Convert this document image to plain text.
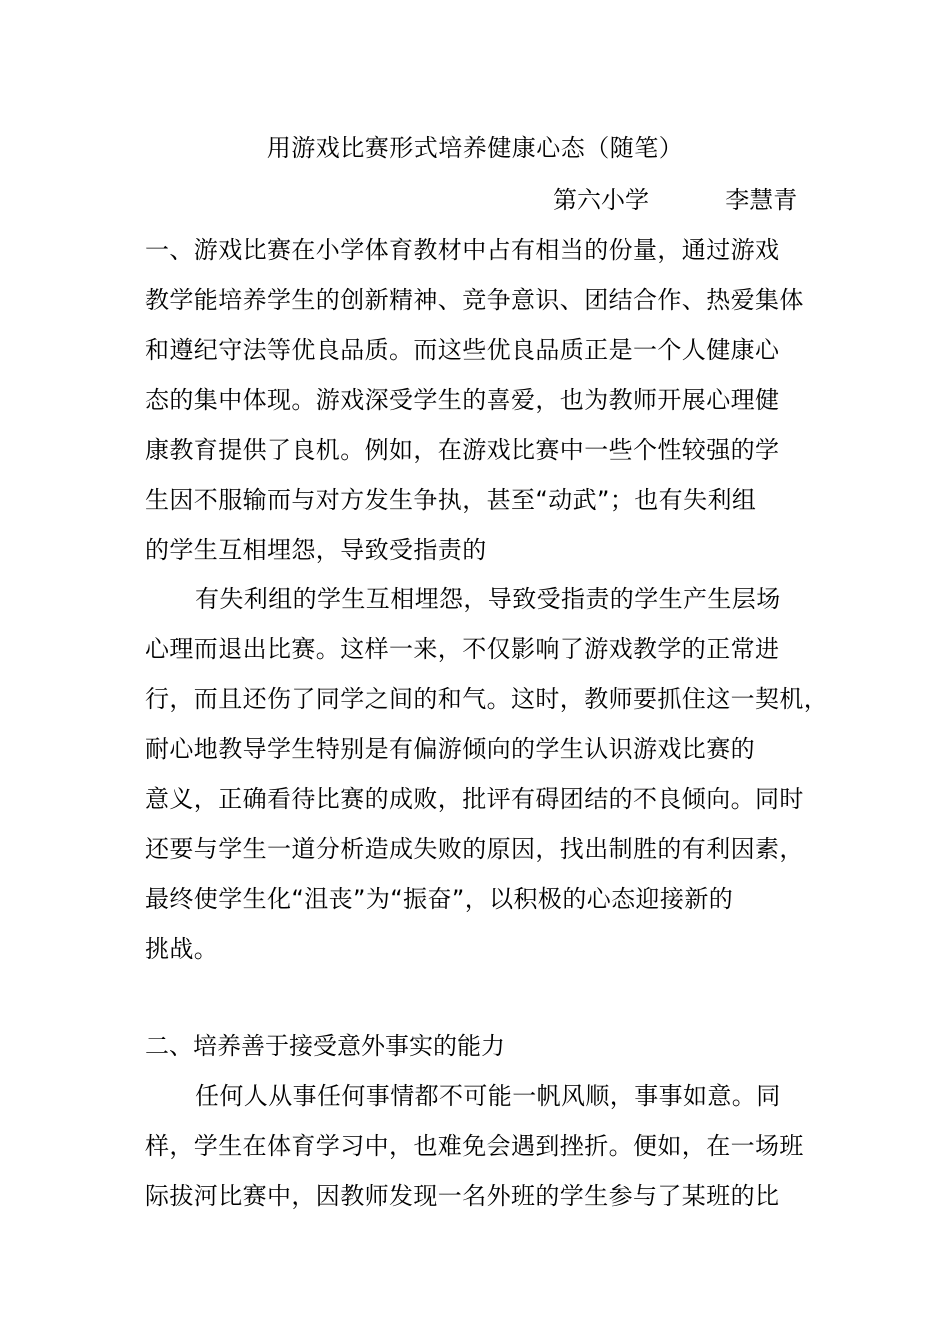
用游戏比赛形式培养健康心态（随笔）
第六小学          李慧青
一、游戏比赛在小学体育教材中占有相当的份量，通过游戏
教学能培养学生的创新精神、竞争意识、团结合作、热爱集体
和遵纪守法等优良品质。而这些优良品质正是一个人健康心
态的集中体现。游戏深受学生的喜爱，也为教师开展心理健
康教育提供了良机。例如，在游戏比赛中一些个性较强的学
生因不服输而与对方发生争执，甚至“动武”；也有失利组
的学生互相埋怨，导致受指责的
有失利组的学生互相埋怨，导致受指责的学生产生层场
心理而退出比赛。这样一来，不仅影响了游戏教学的正常进
行，而且还伤了同学之间的和气。这时，教师要抓住这一契机，
耐心地教导学生特别是有偏游倾向的学生认识游戏比赛的
意义，正确看待比赛的成败，批评有碍团结的不良倾向。同时
还要与学生一道分析造成失败的原因，找出制胜的有利因素，
最终使学生化“沮丧”为“振奋”，以积极的心态迎接新的
挑战。
二、培养善于接受意外事实的能力
任何人从事任何事情都不可能一帆风顺，事事如意。同
样，学生在体育学习中，也难免会遇到挫折。便如，在一场班
际拔河比赛中，因教师发现一名外班的学生参与了某班的比
